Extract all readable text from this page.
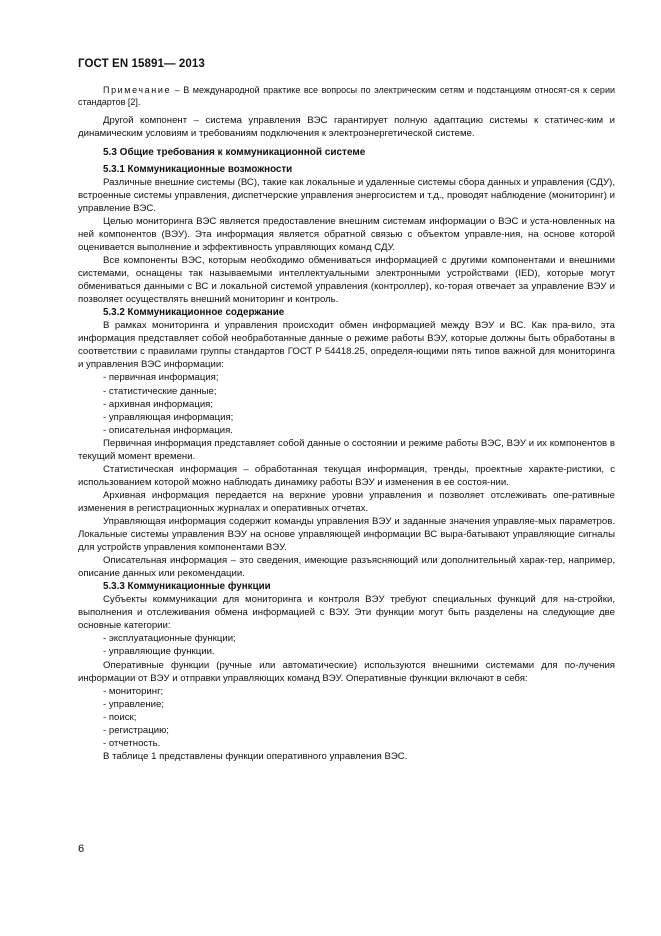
ГОСТ EN 15891— 2013

Примечание – В международной практике все вопросы по электрическим сетям и подстанциям относят-ся к серии стандартов [2].

Другой компонент – система управления ВЭС гарантирует полную адаптацию системы к статичес-ким и динамическим условиям и требованиям подключения к электроэнергетической системе.

5.3 Общие требования к коммуникационной системе
5.3.1 Коммуникационные возможности

Различные внешние системы (ВС), такие как локальные и удаленные системы сбора данных и управления (СДУ), встроенные системы управления, диспетчерские управления энергосистем и т.д., проводят наблюдение (мониторинг) и управление ВЭС.

Целью мониторинга ВЭС является предоставление внешним системам информации о ВЭС и уста-новленных на ней компонентов (ВЭУ). Эта информация является обратной связью с объектом управле-ния, на основе которой оценивается выполнение и эффективность управляющих команд СДУ.

Все компоненты ВЭС, которым необходимо обмениваться информацией с другими компонентами и внешними системами, оснащены так называемыми интеллектуальными электронными устройствами (IED), которые могут обмениваться данными с ВС и локальной системой управления (контроллер), ко-торая отвечает за управление ВЭУ и позволяет осуществлять внешний мониторинг и контроль.

5.3.2 Коммуникационное содержание

В рамках мониторинга и управления происходит обмен информацией между ВЭУ и ВС. Как пра-вило, эта информация представляет собой необработанные данные о режиме работы ВЭУ, которые должны быть обработаны в соответствии с правилами группы стандартов ГОСТ Р 54418.25, определя-ющими пять типов важной для мониторинга и управления ВЭС информации:

- первичная информация;
- статистические данные;
- архивная информация;
- управляющая информация;
- описательная информация.

Первичная информация представляет собой данные о состоянии и режиме работы ВЭС, ВЭУ и их компонентов в текущий момент времени.

Статистическая информация – обработанная текущая информация, тренды, проектные характе-ристики, с использованием которой можно наблюдать динамику работы ВЭУ и изменения в ее состоя-нии.

Архивная информация передается на верхние уровни управления и позволяет отслеживать опе-ративные изменения в регистрационных журналах и оперативных отчетах.

Управляющая информация содержит команды управления ВЭУ и заданные значения управляе-мых параметров. Локальные системы управления ВЭУ на основе управляющей информации ВС выра-батывают управляющие сигналы для устройств управления компонентами ВЭУ.

Описательная информация – это сведения, имеющие разъясняющий или дополнительный харак-тер, например, описание данных или рекомендации.

5.3.3 Коммуникационные функции

Субъекты коммуникации для мониторинга и контроля ВЭУ требуют специальных функций для на-стройки, выполнения и отслеживания обмена информацией с ВЭУ. Эти функции могут быть разделены на следующие две основные категории:

- эксплуатационные функции;
- управляющие функции.

Оперативные функции (ручные или автоматические) используются внешними системами для по-лучения информации от ВЭУ и отправки управляющих команд ВЭУ. Оперативные функции включают в себя:

- мониторинг;
- управление;
- поиск;
- регистрацию;
- отчетность.

В таблице 1 представлены функции оперативного управления ВЭС.

6
